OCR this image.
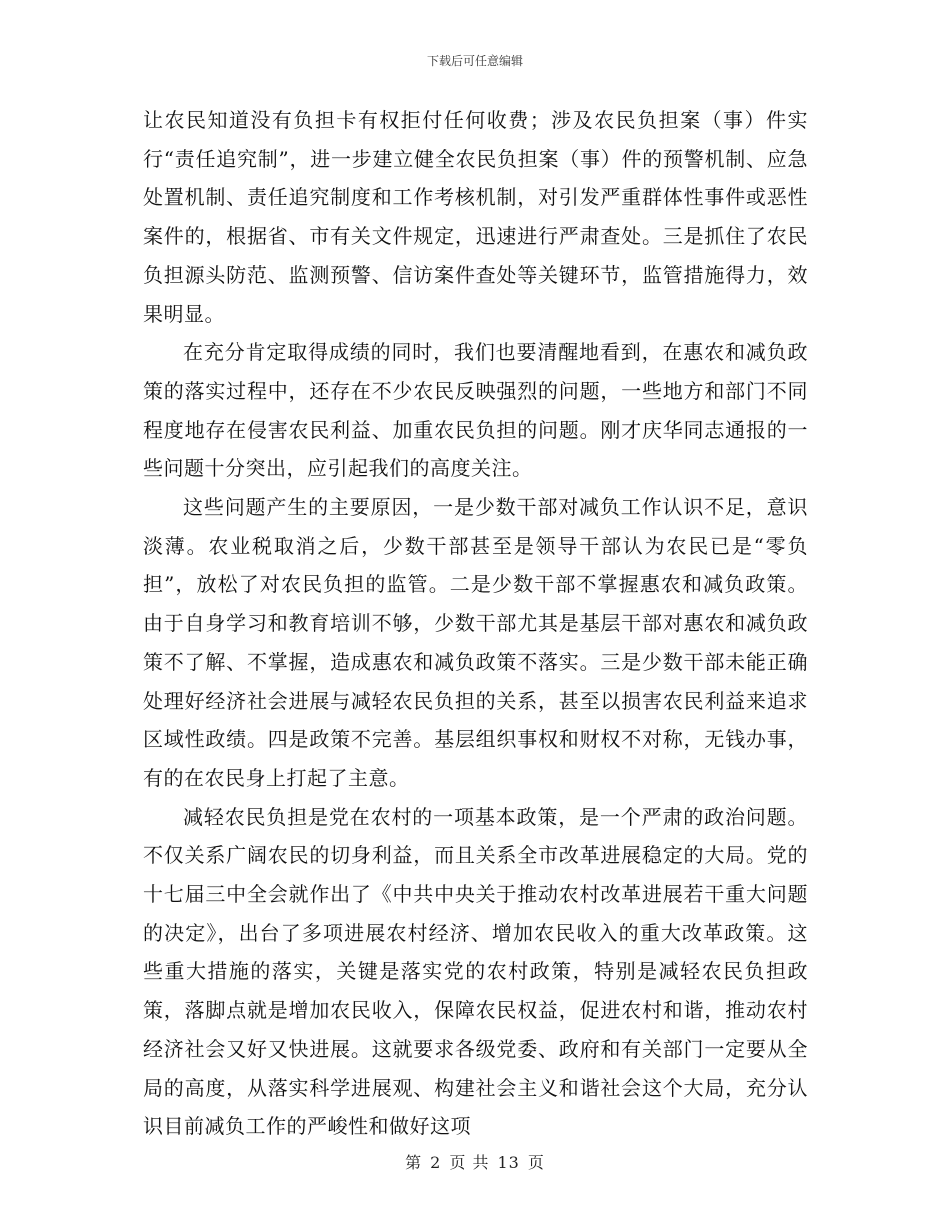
下载后可任意编辑

让农民知道没有负担卡有权拒付任何收费；涉及农民负担案（事）件实行“责任追究制”，进一步建立健全农民负担案（事）件的预警机制、应急处置机制、责任追究制度和工作考核机制，对引发严重群体性事件或恶性案件的，根据省、市有关文件规定，迅速进行严肃查处。三是抓住了农民负担源头防范、监测预警、信访案件查处等关键环节，监管措施得力，效果明显。

在充分肯定取得成绩的同时，我们也要清醒地看到，在惠农和减负政策的落实过程中，还存在不少农民反映强烈的问题，一些地方和部门不同程度地存在侵害农民利益、加重农民负担的问题。刚才庆华同志通报的一些问题十分突出，应引起我们的高度关注。

这些问题产生的主要原因，一是少数干部对减负工作认识不足，意识淡薄。农业税取消之后，少数干部甚至是领导干部认为农民已是“零负担”，放松了对农民负担的监管。二是少数干部不掌握惠农和减负政策。由于自身学习和教育培训不够，少数干部尤其是基层干部对惠农和减负政策不了解、不掌握，造成惠农和减负政策不落实。三是少数干部未能正确处理好经济社会进展与减轻农民负担的关系，甚至以损害农民利益来追求区域性政绩。四是政策不完善。基层组织事权和财权不对称，无钱办事，有的在农民身上打起了主意。

减轻农民负担是党在农村的一项基本政策，是一个严肃的政治问题。不仅关系广阔农民的切身利益，而且关系全市改革进展稳定的大局。党的十七届三中全会就作出了《中共中央关于推动农村改革进展若干重大问题的决定》，出台了多项进展农村经济、增加农民收入的重大改革政策。这些重大措施的落实，关键是落实党的农村政策，特别是减轻农民负担政策，落脚点就是增加农民收入，保障农民权益，促进农村和谐，推动农村经济社会又好又快进展。这就要求各级党委、政府和有关部门一定要从全局的高度，从落实科学进展观、构建社会主义和谐社会这个大局，充分认识目前减负工作的严峻性和做好这项

第 2 页 共 13 页
